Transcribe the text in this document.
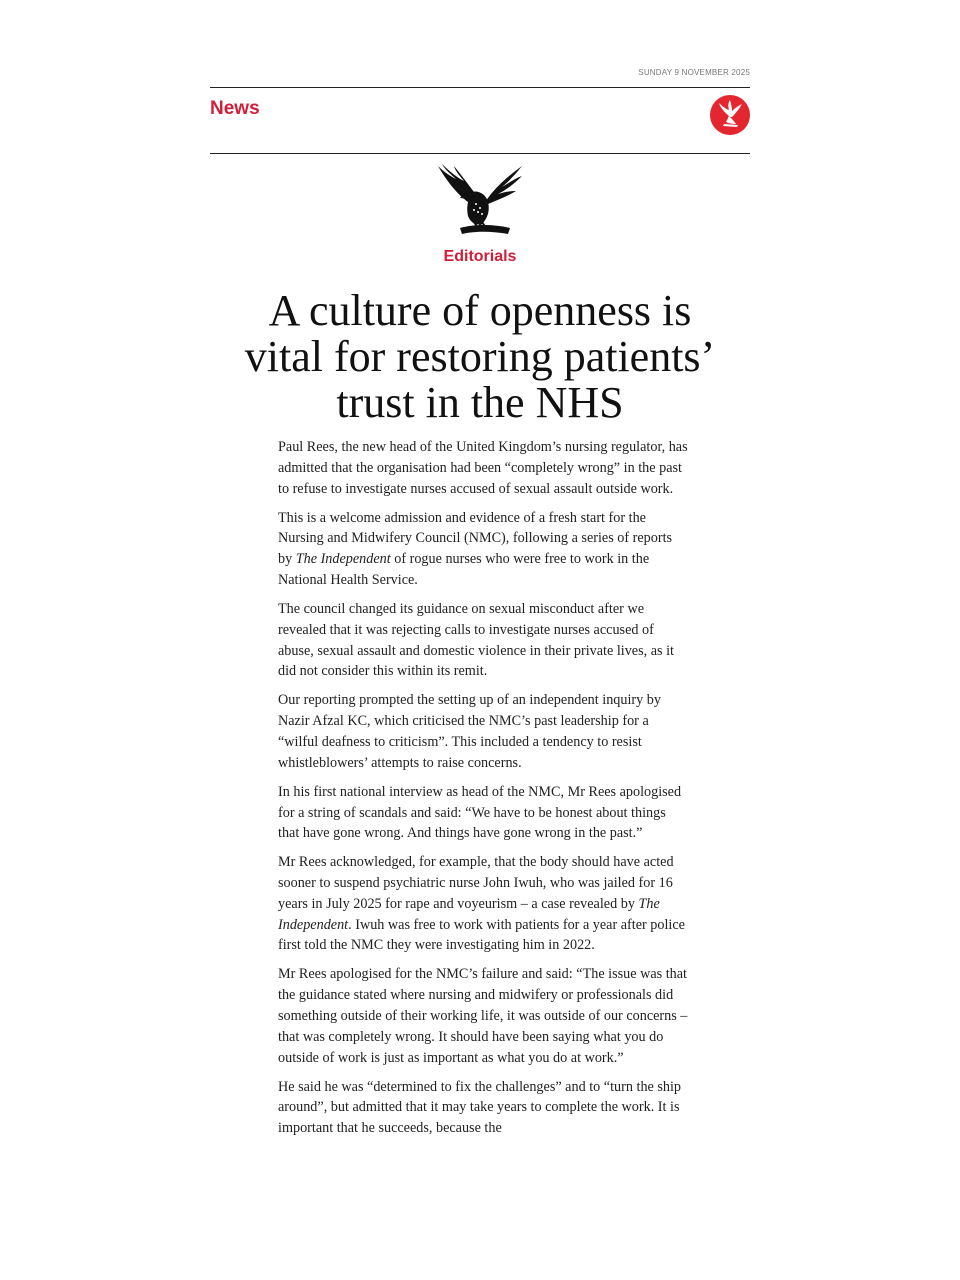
SUNDAY 9 NOVEMBER 2025
News
Editorials
A culture of openness is
vital for restoring patients’
trust in the NHS

Paul Rees, the new head of the United Kingdom’s nursing regulator, has admitted that the organisation had been “completely wrong” in the past to refuse to investigate nurses accused of sexual assault outside work.

This is a welcome admission and evidence of a fresh start for the Nursing and Midwifery Council (NMC), following a series of reports by The Independent of rogue nurses who were free to work in the National Health Service.

The council changed its guidance on sexual misconduct after we revealed that it was rejecting calls to investigate nurses accused of abuse, sexual assault and domestic violence in their private lives, as it did not consider this within its remit.

Our reporting prompted the setting up of an independent inquiry by Nazir Afzal KC, which criticised the NMC’s past leadership for a “wilful deafness to criticism”. This included a tendency to resist whistleblowers’ attempts to raise concerns.

In his first national interview as head of the NMC, Mr Rees apologised for a string of scandals and said: “We have to be honest about things that have gone wrong. And things have gone wrong in the past.”

Mr Rees acknowledged, for example, that the body should have acted sooner to suspend psychiatric nurse John Iwuh, who was jailed for 16 years in July 2025 for rape and voyeurism – a case revealed by The Independent. Iwuh was free to work with patients for a year after police first told the NMC they were investigating him in 2022.

Mr Rees apologised for the NMC’s failure and said: “The issue was that the guidance stated where nursing and midwifery or professionals did something outside of their working life, it was outside of our concerns – that was completely wrong. It should have been saying what you do outside of work is just as important as what you do at work.”

He said he was “determined to fix the challenges” and to “turn the ship around”, but admitted that it may take years to complete the work. It is important that he succeeds, because the
